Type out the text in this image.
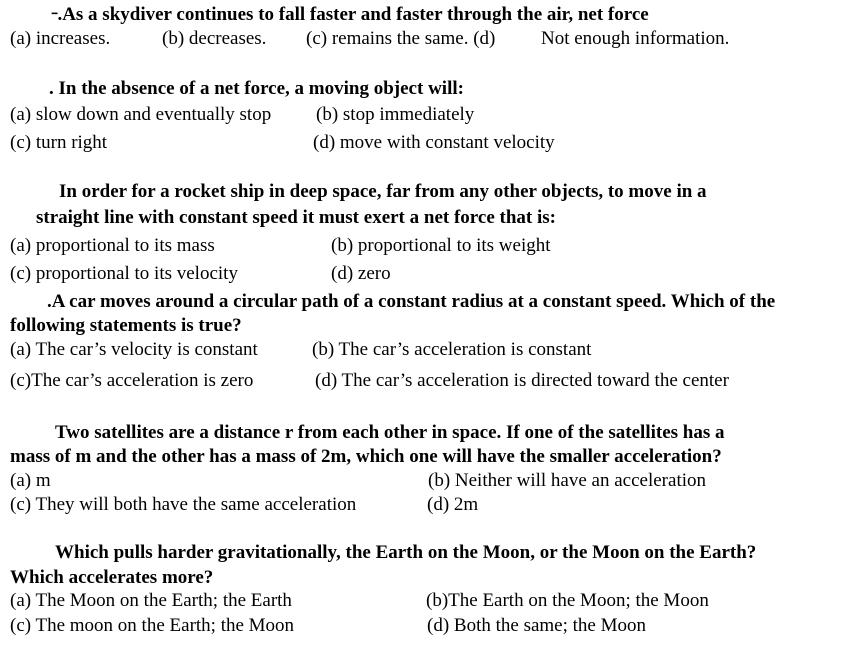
╶.As a skydiver continues to fall faster and faster through the air, net force
(a) increases.	(b) decreases. (c) remains the same. (d) Not enough information.
. In the absence of a net force, a moving object will:
(a) slow down and eventually stop (b) stop immediately
(c) turn right	(d) move with constant velocity
In order for a rocket ship in deep space, far from any other objects, to move in a
straight line with constant speed it must exert a net force that is:
(a) proportional to its mass	(b) proportional to its weight
(c) proportional to its velocity	(d) zero
.A car moves around a circular path of a constant radius at a constant speed. Which of the
following statements is true?
(a) The car’s velocity is constant	(b) The car’s acceleration is constant
(c)The car’s acceleration is zero	(d) The car’s acceleration is directed toward the center
Two satellites are a distance r from each other in space. If one of the satellites has a
mass of m and the other has a mass of 2m, which one will have the smaller acceleration?
(a) m	(b) Neither will have an acceleration
(c) They will both have the same acceleration	(d) 2m
Which pulls harder gravitationally, the Earth on the Moon, or the Moon on the Earth?
Which accelerates more?
(a) The Moon on the Earth; the Earth	(b)The Earth on the Moon; the Moon
(c) The moon on the Earth; the Moon	(d) Both the same; the Moon
